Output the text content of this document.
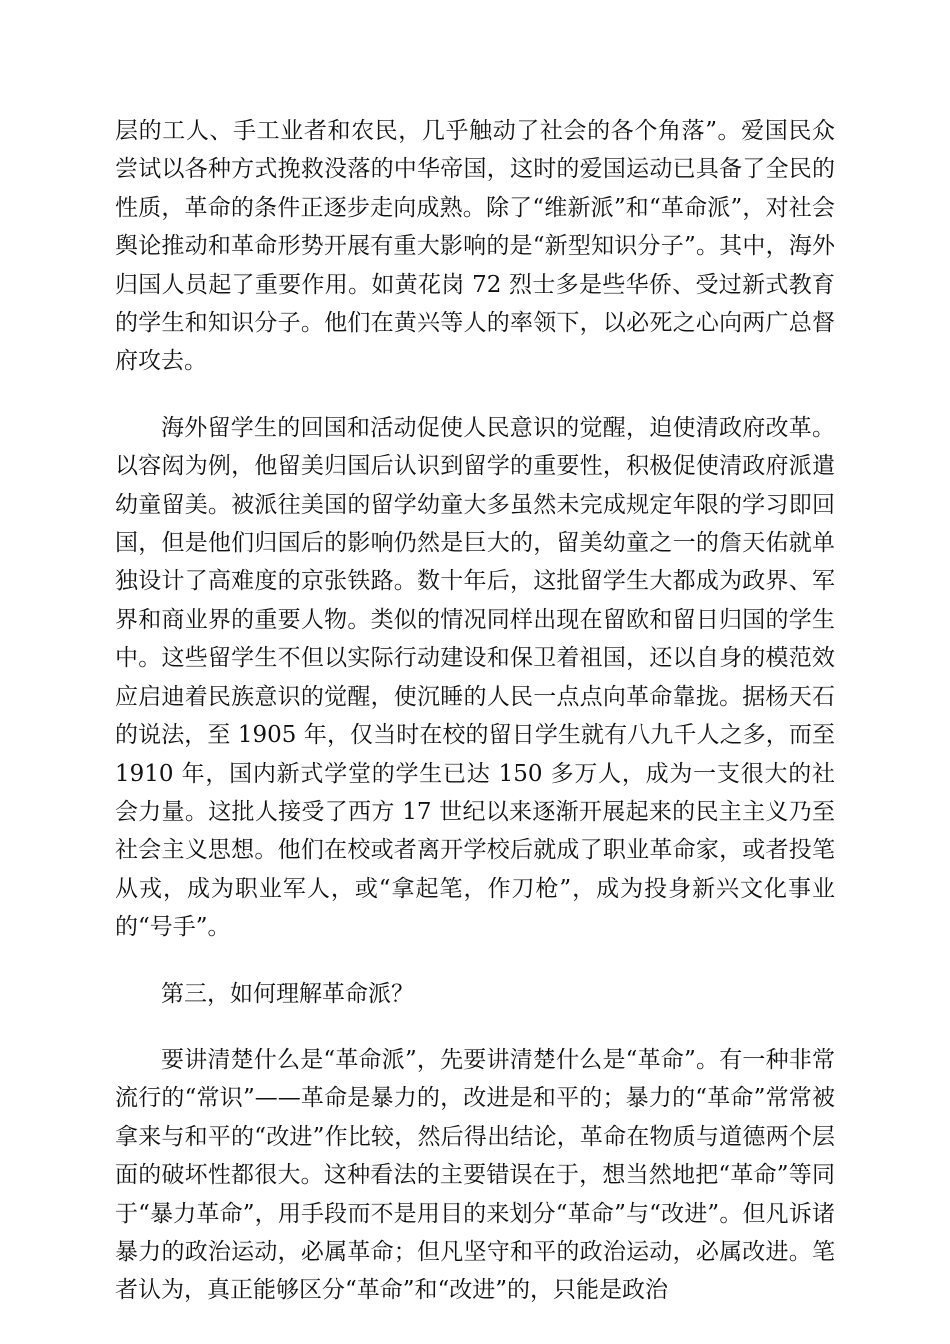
层的工人、手工业者和农民，几乎触动了社会的各个角落”。爱国民众尝试以各种方式挽救没落的中华帝国，这时的爱国运动已具备了全民的性质，革命的条件正逐步走向成熟。除了“维新派”和“革命派”，对社会舆论推动和革命形势开展有重大影响的是“新型知识分子”。其中，海外归国人员起了重要作用。如黄花岗 72 烈士多是些华侨、受过新式教育的学生和知识分子。他们在黄兴等人的率领下，以必死之心向两广总督府攻去。

海外留学生的回国和活动促使人民意识的觉醒，迫使清政府改革。以容闳为例，他留美归国后认识到留学的重要性，积极促使清政府派遣幼童留美。被派往美国的留学幼童大多虽然未完成规定年限的学习即回国，但是他们归国后的影响仍然是巨大的，留美幼童之一的詹天佑就单独设计了高难度的京张铁路。数十年后，这批留学生大都成为政界、军界和商业界的重要人物。类似的情况同样出现在留欧和留日归国的学生中。这些留学生不但以实际行动建设和保卫着祖国，还以自身的模范效应启迪着民族意识的觉醒，使沉睡的人民一点点向革命靠拢。据杨天石的说法，至 1905 年，仅当时在校的留日学生就有八九千人之多，而至 1910 年，国内新式学堂的学生已达 150 多万人，成为一支很大的社会力量。这批人接受了西方 17 世纪以来逐渐开展起来的民主主义乃至社会主义思想。他们在校或者离开学校后就成了职业革命家，或者投笔从戎，成为职业军人，或“拿起笔，作刀枪”，成为投身新兴文化事业的“号手”。

第三，如何理解革命派？

要讲清楚什么是“革命派”，先要讲清楚什么是“革命”。有一种非常流行的“常识”——革命是暴力的，改进是和平的；暴力的“革命”常常被拿来与和平的“改进”作比较，然后得出结论，革命在物质与道德两个层面的破坏性都很大。这种看法的主要错误在于，想当然地把“革命”等同于“暴力革命”，用手段而不是用目的来划分“革命”与“改进”。但凡诉诸暴力的政治运动，必属革命；但凡坚守和平的政治运动，必属改进。笔者认为，真正能够区分“革命”和“改进”的，只能是政治
